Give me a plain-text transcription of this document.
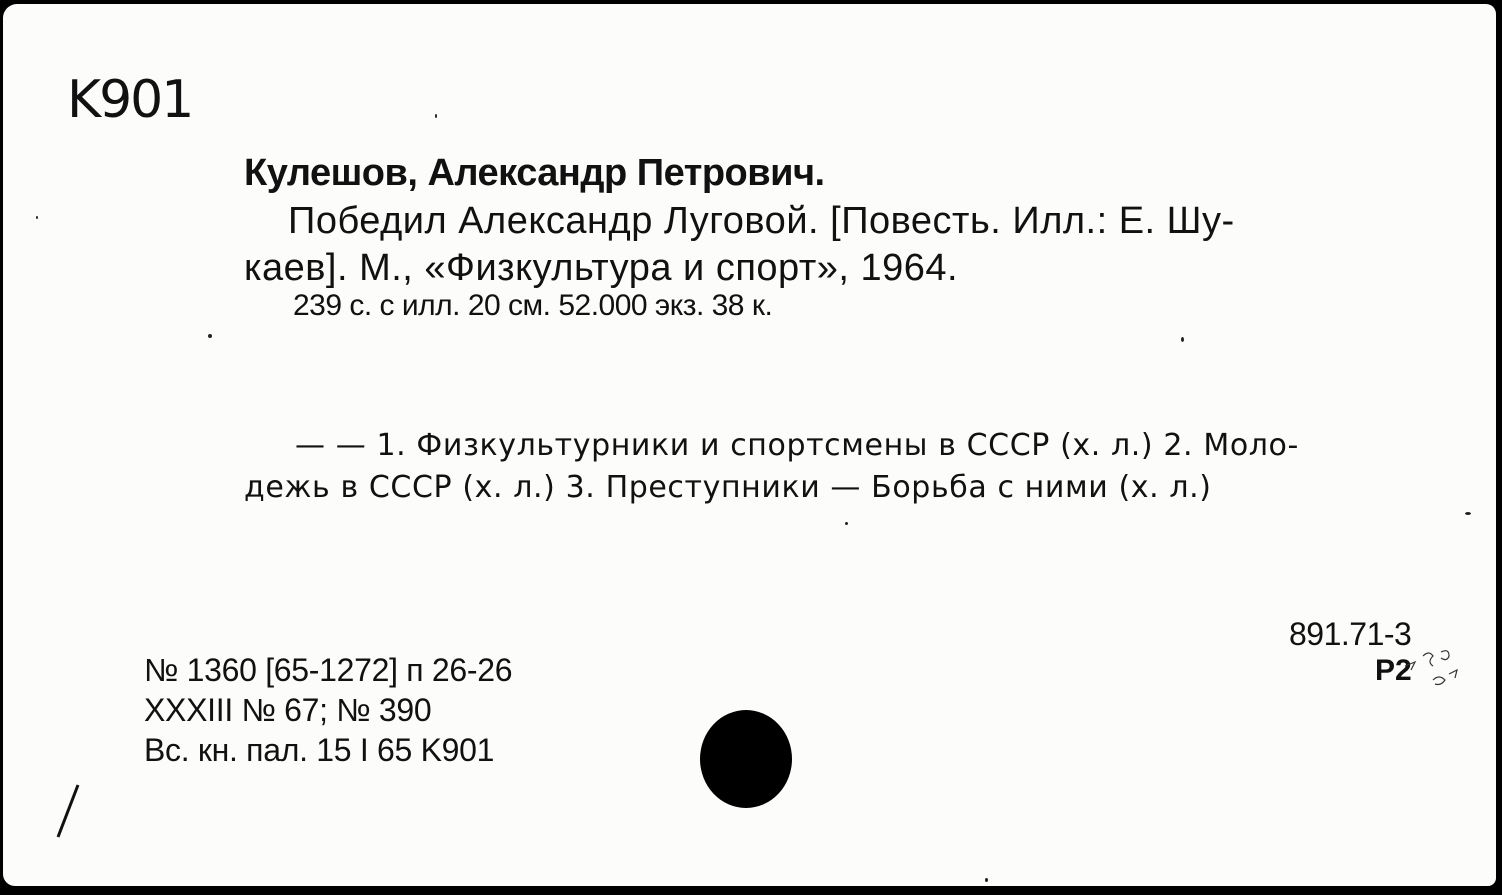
K901
Кулешов, Александр Петрович.
Победил Александр Луговой. [Повесть. Илл.: Е. Шу-
каев]. М., «Физкультура и спорт», 1964.
239 с. с илл. 20 см. 52.000 экз. 38 к.
— — 1. Физкультурники и спортсмены в СССР (х. л.) 2. Моло-
дежь в СССР (х. л.) 3. Преступники — Борьба с ними (х. л.)
№ 1360 [65-1272] п 26-26
XXXIII № 67; № 390
Вс. кн. пал. 15 I 65 K901
891.71-3
P2
